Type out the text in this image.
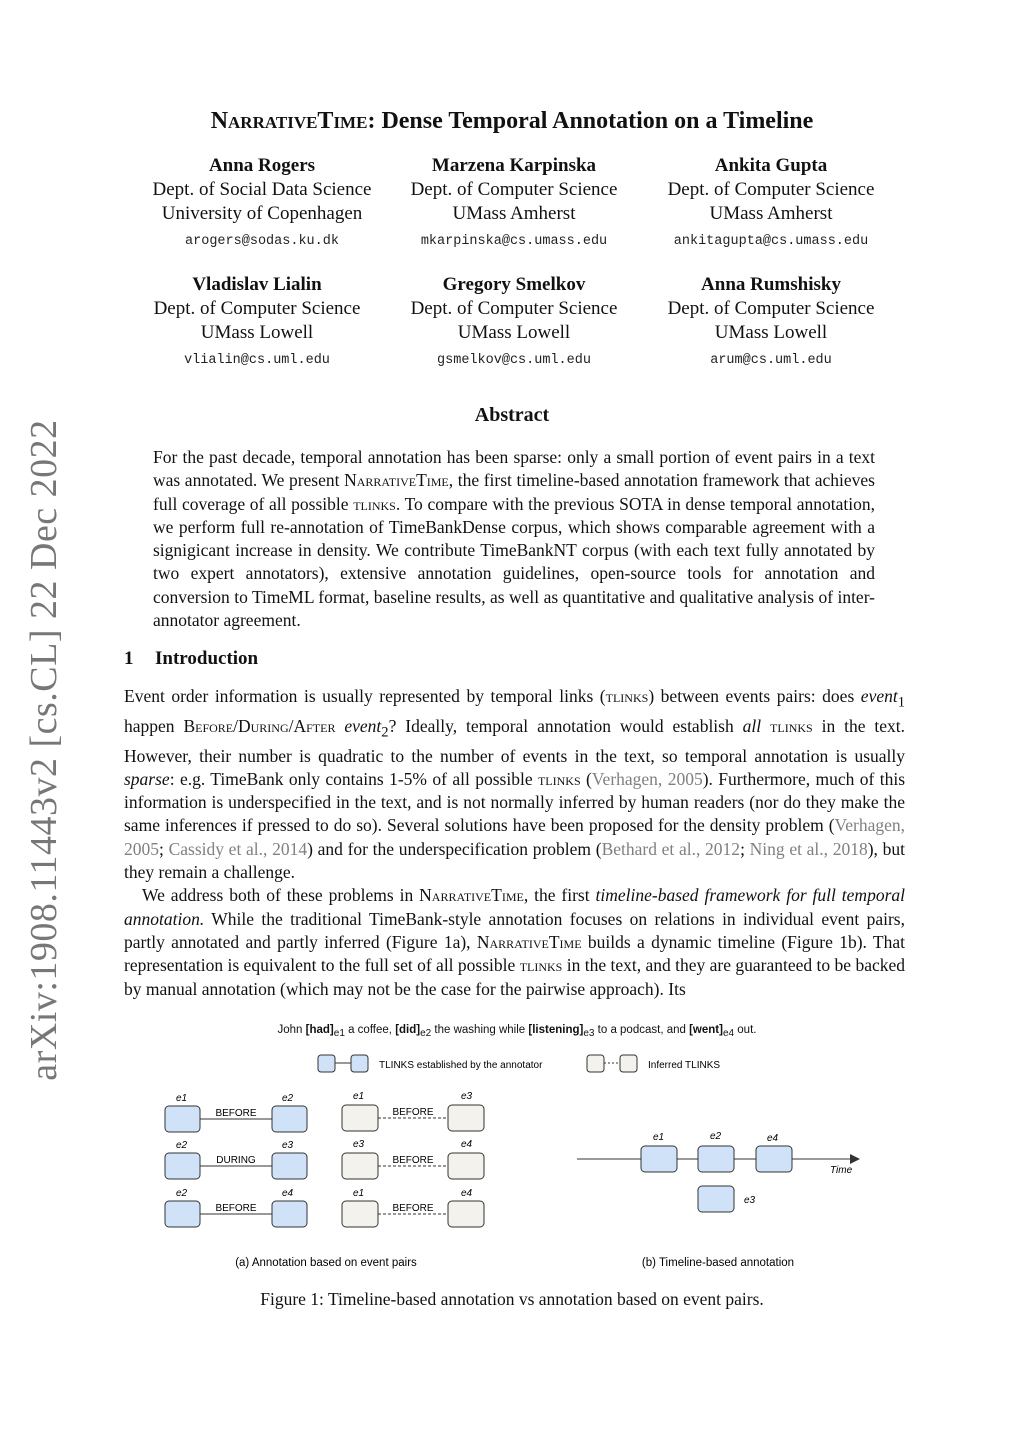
arXiv:1908.11443v2 [cs.CL] 22 Dec 2022
NarrativeTime: Dense Temporal Annotation on a Timeline
Anna Rogers
Dept. of Social Data Science
University of Copenhagen
arogers@sodas.ku.dk
Marzena Karpinska
Dept. of Computer Science
UMass Amherst
mkarpinska@cs.umass.edu
Ankita Gupta
Dept. of Computer Science
UMass Amherst
ankitagupta@cs.umass.edu
Vladislav Lialin
Dept. of Computer Science
UMass Lowell
vlialin@cs.uml.edu
Gregory Smelkov
Dept. of Computer Science
UMass Lowell
gsmelkov@cs.uml.edu
Anna Rumshisky
Dept. of Computer Science
UMass Lowell
arum@cs.uml.edu
Abstract
For the past decade, temporal annotation has been sparse: only a small portion of event pairs in a text was annotated. We present NarrativeTime, the first timeline-based annotation framework that achieves full coverage of all possible tlinks. To compare with the previous SOTA in dense temporal annotation, we perform full re-annotation of TimeBankDense corpus, which shows comparable agreement with a signigicant increase in density. We contribute TimeBankNT corpus (with each text fully annotated by two expert annotators), extensive annotation guidelines, open-source tools for annotation and conversion to TimeML format, baseline results, as well as quantitative and qualitative analysis of inter-annotator agreement.
1 Introduction

Event order information is usually represented by temporal links (tlinks) between events pairs: does event$_1$ happen Before/During/After event$_2$? Ideally, temporal annotation would establish all tlinks in the text. However, their number is quadratic to the number of events in the text, so temporal annotation is usually sparse: e.g. TimeBank only contains 1-5% of all possible tlinks (Verhagen, 2005). Furthermore, much of this information is underspecified in the text, and is not normally inferred by human readers (nor do they make the same inferences if pressed to do so). Several solutions have been proposed for the density problem (Verhagen, 2005; Cassidy et al., 2014) and for the underspecification problem (Bethard et al., 2012; Ning et al., 2018), but they remain a challenge.

We address both of these problems in NarrativeTime, the first timeline-based framework for full temporal annotation. While the traditional TimeBank-style annotation focuses on relations in individual event pairs, partly annotated and partly inferred (Figure 1a), NarrativeTime builds a dynamic timeline (Figure 1b). That representation is equivalent to the full set of all possible tlinks in the text, and they are guaranteed to be backed by manual annotation (which may not be the case for the pairwise approach). Its

John [had]e1 a coffee, [did]e2 the washing while [listening]e3 to a podcast, and [went]e4 out.
TLINKS established by the annotator	Inferred TLINKS
e1	e2
BEFORE
e2	e3
DURING
e2	e4
BEFORE
e1	e3
BEFORE
e3	e4
BEFORE
e1	e4
BEFORE
Time
e1	e2	e4
e3
(a) Annotation based on event pairs	(b) Timeline-based annotation
Figure 1: Timeline-based annotation vs annotation based on event pairs.
